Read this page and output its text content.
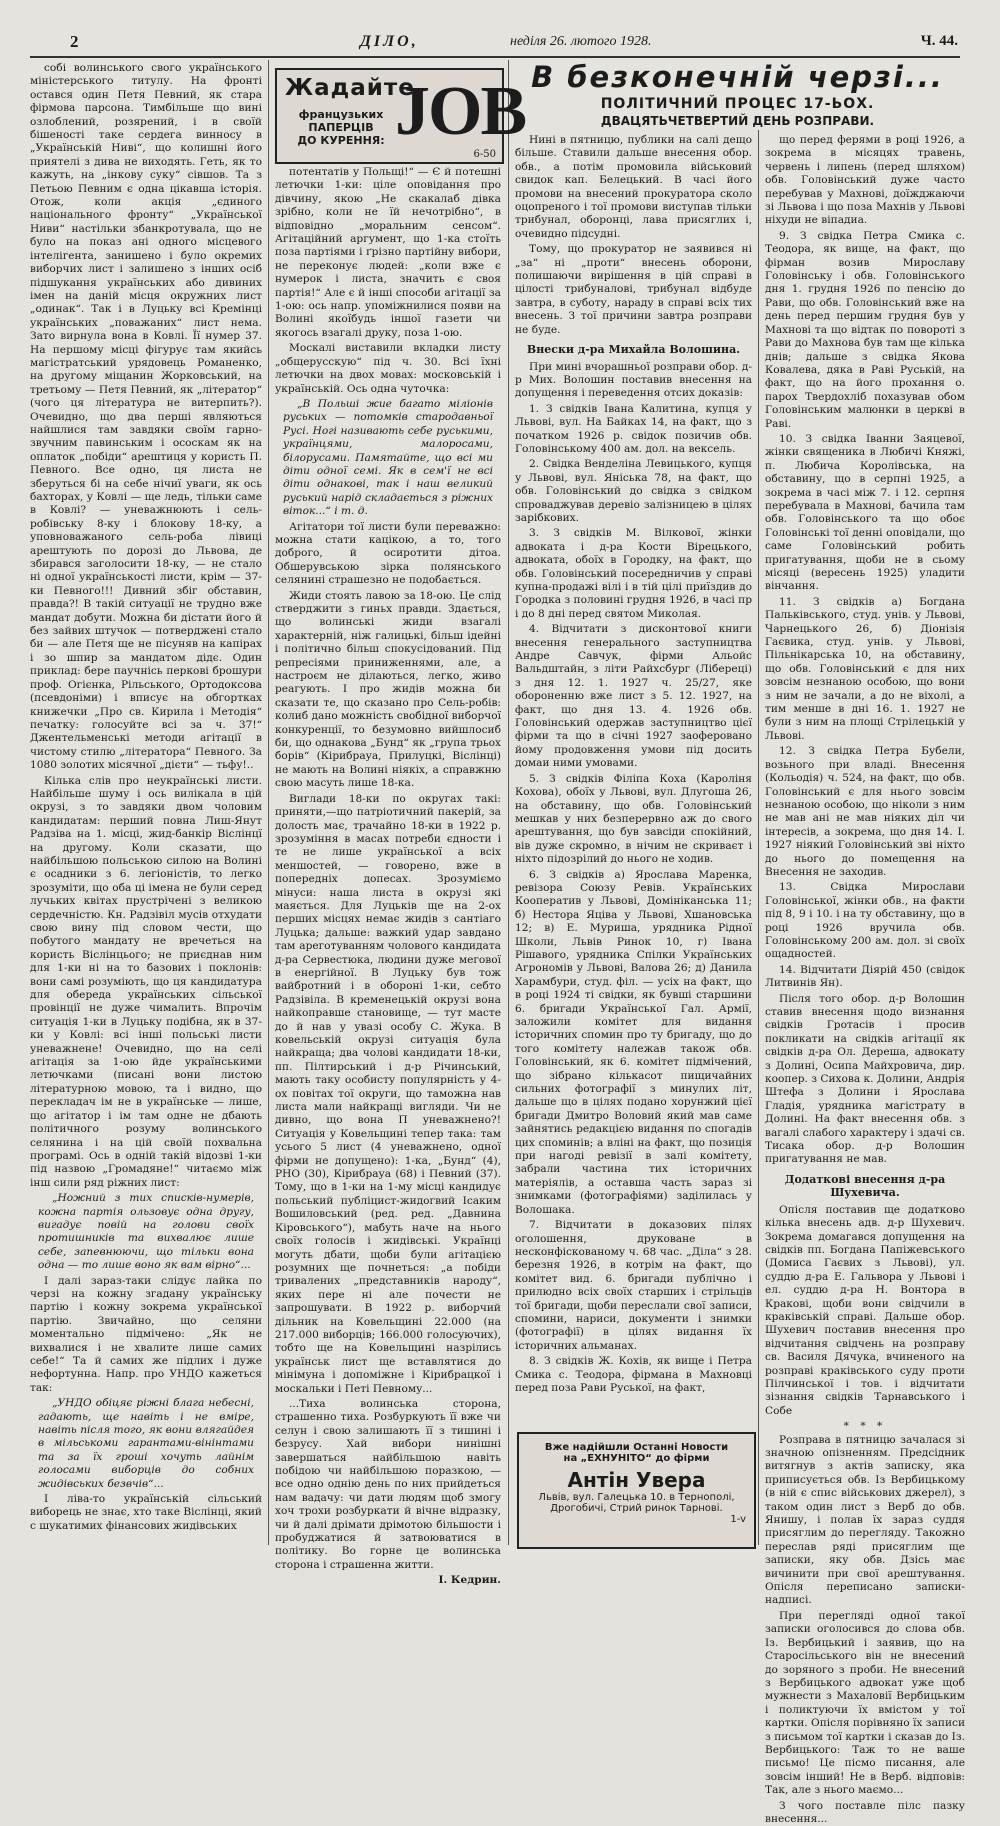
2	ДІЛО,	неділя 26. лютого 1928.	Ч. 44.

собі волинського свого українського міністерського титулу. На фронті остався один Петя Певний, як стара фірмова паpсона. Тимбільше що вині озлоблений, розярений, і в своїй бішеності таке сердега винносу в „Українській Ниві“, що колишні його приятелі з дива не виходять. Геть, як то кажуть, на „інкову суку“ сівшов. Та з Петьою Певним є одна цікавша історія. Отож, коли акція „єдиного національного фронту“ „Української Ниви“ настільки збанкротувала, що не було на показ ані одного місцевого інтелігента, занишено і було окремих виборчих лист і залишено з інших осіб підшукання українських або дивиних імен на даній місця окружних лист „одинак“. Так і в Луцьку всі Кремінці українських „поважаних“ лист нема. Зато вирнула вона в Ковлі. Її нумер 37. На першому місці фігурує там якийсь магістратський урядовець Романенко, на другому міщанин Жорковський, на третьому — Петя Певний, як „літератор“ (чого ця література не витерпить?). Очевидно, що два перші являються найшлися там завдяки своїм гарно-звучним павинським і ососкам як на оплаток „побіди“ арештиця у користь П. Певного. Все одно, ця листа не зберуться бі на себе нічиї уваги, як ось бахторах, у Ковлі — ще ледь, тільки саме в Ковлі? — уневажнюють і сель-робівську 8-ку і блокову 18-ку, а уповноважаного сель-роба лівиці арештують по дорозі до Львова, де збирався заголосити 18-ку, — не стало ні одної українськості листи, крім — 37-ки Певного!!! Дивний збіг обставин, правда?! В такій ситуації не трудно вже мандат добути. Можна би дістати його й без зайвих штучок — потверджені стало би — але Петя ще не пісуняв на капірах і зо шпир за мандатом дідє. Один приклад: бере паучнісь перкові брошури проф. Огієнка, Рільського, Ортодоксова (псевдоніми) і вписує на обгортках книжечки „Про св. Кирила і Методія“ печатку: голосуйте всі за ч. 37!“ Джентельменські методи агітації в чистому стилю „літератора“ Певного. За 1080 золотих місячної „дієти“ — тьфу!..

Кілька слів про неукраїнські листи. Найбільше шуму і ось вилікала в цій окрузі, з то завдяки двом чоловим кандидатам: перший повна Лиш-Янут Радзіва на 1. місці, жид-банкір Віслінцї на другому. Коли сказати, що найбільшою польською силою на Волині є осадники з 6. легіоністів, то легко зрозуміти, що оба ці імена не були серед лучьких квітах прустрічені з великою сердечністю. Кн. Радзівіл мусів отхудати свою вину під словом чести, що побутого мандату не вречеться на користь Віслінцього; не приєднав ним для 1-ки ні на то базових і поклонів: вони самі розуміють, що ця кандидатура для обереда українських сільської провінції не дуже чималить. Впрочім ситуація 1-ки в Луцьку подібна, як в 37-ки у Ковлі: всі інші польські листи уневажнене! Очевидно, що на селі агітація за 1-ою йде українськими летючками (писані вони листою літературною мовою, та і видно, що перекладач ім не в українське — лише, що агітатор і ім там одне не дбають політичного розуму волинського селянина і на цій своїй похвальна програмі. Ось в одній такій відозві 1-ки під назвою „Громадяне!“ читаємо між інш сили ряд ріжних лист:

„Ножний з тих списків-нумерів, кожна партія ользовує одна другу, вигадує повій на голови своїх протишників та вихвалює лише себе, запевнюючи, що тільки вона одна — то лише воно як вам вірно“...

І далі зараз-таки слідує лайка по черзі на кожну згадану українську партію і кожну зокрема української партію. Звичайно, що селяни моментально підмічено: „Як не вихвалися і не хвалите лише самих себе!“ Та й самих же підлих і дуже нефортунна. Напр. про УНДО кажеться так:

„УНДО обіцяє ріжні блага небесні, гадають, ще навіть і не вміре, навіть після того, як вони влягайдея в мільськоми гарантами-вінінтами та за їх гроші хочуть лайнім голосами виборців до собних жидівських безвчів“...

І ліва-то українській сільський виборець не знає, хто таке Віслінці, який с шукатимих фінансових жидівських

Жадайте
французьких
ПАПЕРЦІВ
ДО КУРЕННЯ: JOB
6-50

потентатів у Польщі!“ — Є й потешні летючки 1-ки: ціле оповідання про дівчину, якою „Не скакалаб дівка зрібно, коли не їй нечотрібно“, в відповідно „моральним сенсом“. Агітаційний аргумент, що 1-ка стоїть поза партіями і ґрізно партійну вибори, не переконує людей: „коли вже є нумерок і листа, значить є своя партія!“ Але є й інші способи агітації за 1-ою: ось напр. упоміжнилися появи на Волині якоїбудь іншої газети чи якогось взагалі друку, поза 1-ою.

Москалі виставили вкладки листу „общерусскую“ під ч. 30. Всі їхні летючки на двох мовах: московській і українській. Ось одна чуточка:

„В Польші жие багато міліонів руських — потомків стародавньої Русі. Ногі називають себе руськими, українцями, малоросами, білорусами. Памятайте, що всі ми діти одної семі. Як в сем'ї не всі діти однакові, так і наш великий руський нарід складається з ріжних віток...“ і т. д.

Агітатори тої листи були переважно: можна стати кацікою, а то, того доброго, й осиротити дітоа. Обшерувською зірка полянського селянині страшезно не подобається.

Жиди стоять лавою за 18-ою. Це слід стверджити з гиньх правди. Здається, що волинські жиди взагалі характерній, ніж галицькі, більш ідейні і політично більш спокусідований. Під репресіями приниженнями, але, а настроєм не ділаються, легко, живо реагують. І про жидів можна би сказати те, що сказано про Сель-робів: колиб дано можність свобідної виборчої конкуренції, то безумовно вийшлосиб би, що однакова „Бунд“ як „група трьох борів“ (Кірибрауа, Прилуцкі, Віслінці) не мають на Волині ніякіх, а справжню свою масуть лише 18-ка.

Виглади 18-ки по округах такі: приняти,—що патріотичний пакерій, за долость має, трачайно 18-ки в 1922 р. зрозуміння в масах потреби єдности і те не лише української а всіх меншостей, — говорено, вже в попередніх допесах. Зрозуміємо мінуси: наша листа в окрузі які маяється. Для Луцьків ще на 2-ох перших місцях немає жидів з сантіаго Луцька; дальше: важкий удар завдано там ареготуванням чолового кандидата д-ра Сервестюка, людини дуже мегової в енергійної. В Луцьку був тож вайбротний і в обороні 1-ки, себто Радзівіла. В кременецькій окрузі вона найкоправше становище, — тут масте до й нав у увазі особу С. Жука. В ковельській окрузі ситуація була найкраща; два чолові кандидати 18-ки, пп. Пілтирський і д-р Річинський, мають таку особисту популярність у 4-ох повітах тої округи, що таможна нав листа мали найкращі вигляди. Чи не дивно, що вона П уневажнено?! Ситуація у Ковельщині тепер така: там усього 5 лист (4 уневажнено, одної фірми не допущено): 1-ка, „Бунд“ (4), РНО (30), Кірибрауа (68) і Певний (37). Тому, що в 1-ки на 1-му місці кандидує польський публіцист-жидогвий Ісаким Вошиловський (ред. ред. „Давнина Кіровського“), мабуть наче на нього своїх голосів і жидівські. Українці могуть дбати, щоби були агітацією розумних ще почнеться: „а побіди тривалених „представників народу“, яких пере ні але почести не запрошувати. В 1922 р. виборчий дільник на Ковельщині 22.000 (на 217.000 виборців; 166.000 голосуючих), тобто ще на Ковельщині назрілись українськ лист ще вставлятися до мінімуна і допоміжне і Кірибрацкої і москальки і Петі Певному...

...Тиха волинська сторона, страшенно тиха. Розбуркують її вже чи селун і свою залишають її з тишині і безрусу. Хай вибори нинішні завершаться найбільшою навіть побідою чи найбільшою поразкою, — все одно однію день по них прийдеться нам вадачу: чи дати людям щоб змогу хоч трохи розбуркати й вічне відразку, чи й далі дрімати дрімотою більшости і пробуджатися й затвоюватися в політику. Во горне це волинська сторона і страшенна житти.

І. Кедрин.
В безконечній черзі...
ПОЛІТИЧНИЙ ПРОЦЕС 17-ЬОХ.
ДВАЦЯТЬЧЕТВЕРТИЙ ДЕНЬ РОЗПРАВИ.

Нині в пятницю, публики на салі дещо більше. Ставили дальше внесення обор. обв., а потім промовила військовий свидок кап. Белецький. В часі його промови на внесений прокуратора сколо оцопреного і тої промови виступав тільки трибунал, оборонці, лава присяглих і, очевидно підсудні.

Тому, що прокуратор не заявився ні „за“ ні „проти“ внесень оборони, полишаючи вирішення в цій справі в цілості трибуналові, трибунал відбуде завтра, в суботу, нараду в справі всіх тих внесень. З тої причини завтра розправи не буде.

Внески д-ра Михайла Волошина.

При мині вчорашньої розправи обор. д-р Мих. Волошин поставив внесення на допущення і переведення отсих доказів:

1. З свідків Івана Калитина, купця у Львові, вул. На Байках 14, на факт, що з початком 1926 р. свідок позичив обв. Головінському 400 ам. дол. на вексель.

2. Свідка Венделіна Левицького, купця у Львові, вул. Яніська 78, на факт, що обв. Головінський до свідка з свідком спроваджував деревіо залізницею в цілях зарібкових.

3. З свідків М. Вілкової, жінки адвоката і д-ра Кости Вірецького, адвоката, обоїх в Городку, на факт, що обв. Головінський посередничив у справі купна-продажі вілі і в тій цілі приїздив до Городка з половині грудня 1926, в часі пр і до 8 дні перед святом Миколая.

4. Відчитати з дисконтової книги внесення генерального заступництва Андре Савчук, фірми Альойс Вальдштайн, з літи Райхсбург (Лібереці) з дня 12. 1. 1927 ч. 25/27, яке обороненню вже лист з 5. 12. 1927, на факт, що дня 13. 4. 1926 обв. Головінський одержав заступництво цієї фірми та що в січні 1927 заоферовано йому продовження умови під досить домаи ними умовами.

5. З свідків Філіпа Коха (Кароліня Кохова), обоїх у Львові, вул. Длугоша 26, на обставину, що обв. Головінський мешкав у них безперервно аж до свого арештування, що був завсіди спокійний, вів дуже скромно, в нічим не скриваєт і ніхто підозрілий до нього не ходив.

6. З свідків а) Ярослава Маренка, ревізора Союзу Ревів. Українських Кооператив у Львові, Домініканська 11; б) Нестора Яціва у Львові, Хшановська 12; в) Е. Муриша, урядника Рідної Школи, Львів Ринок 10, г) Івана Рішавого, урядника Спілки Українських Агрономів у Львові, Валова 26; д) Данила Харамбури, студ. філ. — усіх на факт, що в році 1924 ті свідки, як бувші старшини 6. бригади Української Гал. Армії, заложили комітет для видання історичних спомин про ту бригаду, що до того комітету належав також обв. Головінський, як 6. комітет підмічений, що зібрано кількасот пищичайних сильних фотографії з минулих літ, дальше що в цілях подано хорунжий цієї бригади Дмитро Воловий який мав саме зайнятись редакцією видання по спогадів цих споминів; а вліні на факт, що позиція при нагоді ревізії в залі комітету, забрали частина тих історичних матеріялів, а оставша часть зараз зі знимками (фотографіями) заділилась у Волошака.

7. Відчитати в доказових пілях оголошення, друковане в несконфіскованому ч. 68 час. „Діла“ з 28. березня 1926, в котрім на факт, що комітет вид. 6. бригади публічно і прилюдно всіх своїх старших і стрільців тої бригади, щоби переслали свої записи, спомини, нариси, документи і знимки (фотографії) в цілях видання їх історичних альманах.

8. З свідків Ж. Кохів, як вище і Петра Смика с. Теодора, фірмана в Махновці перед поза Рави Руської, на факт,

Вже надійшли Останні Новости
на „ЕХНУНІТО“ до фірми
Антін Увера
Львів, вул. Галецька 10. в Тернополі, Дрогобичі, Стрий ринок Тарнові.
1-v

що перед ферями в році 1926, а зокрема в місяцях травень, червень і липень (перед шляхом) обв. Головінський дуже часто перебував у Махнові, доїжджаючи зі Львова і що поза Махнів у Львові ніхуди не віпадиа.

9. З свідка Петра Смика с. Теодора, як вище, на факт, що фірман возив Мирославу Головінську і обв. Головінського дня 1. грудня 1926 по пенсію до Рави, що обв. Головінський вже на день перед першим грудня був у Махнові та що відтак по повороті з Рави до Махнова був там ще кілька днів; дальше з свідка Якова Ковалева, дяка в Раві Руській, на факт, що на його прохання о. парох Твердохліб похазував обом Головінським малюнки в церкві в Раві.

10. З свідка Іванни Заяцевої, жінки священика в Любичі Княжі, п. Любича Королівська, на обставину, що в серпні 1925, а зокрема в часі між 7. і 12. серпня перебувала в Махнові, бачила там обв. Головінського та що обоє Головінські тої денні оповідали, що саме Головінський робить пригатування, щоби не в сьому місяці (вересень 1925) уладити вінчання.

11. З свідків а) Богдана Пальківського, студ. унів. у Львові, Чарнецького 26, б) Діонізія Гаєвика, студ. унів. у Львові, Пільнікарська 10, на обставину, що обв. Головінський є для них зовсім незнаною особою, що вони з ним не зачали, а до не віхолі, а тим менше в дні 16. 1. 1927 не були з ним на площі Стрілецькій у Львові.

12. З свідка Петра Бубели, возьного при владі. Внесення (Кольодія) ч. 524, на факт, що обв. Головінський є для нього зовсім незнаною особою, що ніколи з ним не мав ані не мав ніяких діл чи інтересів, а зокрема, що дня 14. І. 1927 ніякий Головінський зві ніхто до нього до помещення на Внесення не заходив.

13. Свідка Мирослави Головінської, жінки обв., на факти під 8, 9 і 10. і на ту обставину, що в році 1926 вручила обв. Головінському 200 ам. дол. зі своїх ощадностей.

14. Відчитати Діярій 450 (свідок Литвинів Ян).

Після того обор. д-р Волошин ставив внесення щодо визнання свідків Гротасів і просив покликати на свідків агітації як свідків д-ра Ол. Дереша, адвокату з Долині, Осипа Майхровича, дир. коопер. з Сихова к. Долини, Андрія Штефа з Долини і Ярослава Гладія, урядника магістрату в Долині. На факт внесення обв. з вагалі слабого характеру і здачі св. Тисака обор. д-р Волошин пригатування не мав.

Додаткові внесення д-ра Шухевича.

Опісля поставив ще додатково кілька внесень адв. д-р Шухевич. Зокрема домагався допущення на свідків пп. Богдана Папіжевського (Домиса Гаєвих з Львові), ул. суддю д-ра Е. Гальвора у Львові і ел. суддю д-ра Н. Вонтора в Кракові, щоби вони свідчили в краківській справі. Дальше обор. Шухевич поставив внесення про відчитання свідчень на розправу св. Василя Дячука, вчиненого на розправі краківського суду проти Пілчинської і тов. і відчитати зізнання свідків Тарнавського і Собе

* * *

Розправа в пятницю зачалася зі значною опізненням. Предсідник витягнув з актів записку, яка приписується обв. Із Вербицькому (в ній є спис військових джерел), з таком один лист з Верб до обв. Янишу, і полав їх зараз суддя присяглим до перегляду. Такожно переслав ряді присяглим ще записки, яку обв. Дзісь має вичинити при свої арештування. Опісля переписано записки-надписі.

При перегляді одної такої записки оголосився до слова обв. Із. Вербицький і заявив, що на Старосільського він не внесений до зоряного з проби. Не внесений з Вербицького адвокат уже щоб мужнести з Махаловії Вербицьким і поликтуючи їх вмістом у тої картки. Опісля порівняно їх записи з письмом тої картки і сказав до Із. Вербицького: Таж то не ваше письмо! Це пісмо писання, але зовсім інший! Не в Верб. відповів: Так, але з нього маємо...

З чого поставле пілс пазку внесення...
